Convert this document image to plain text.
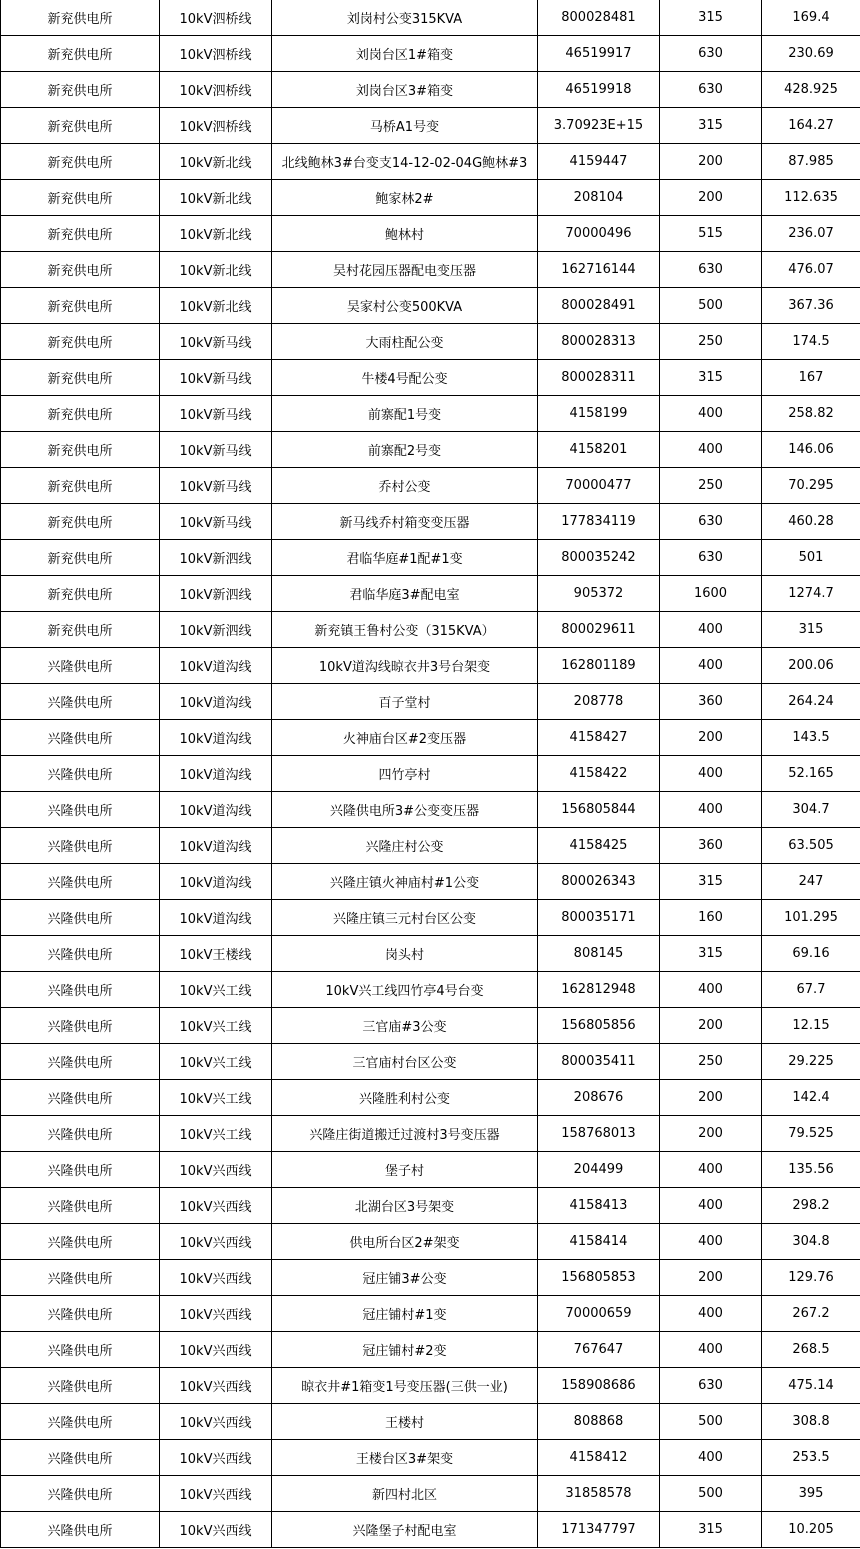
新兖供电所	10kV泗桥线	刘岗村公变315KVA	800028481	315	169.4
新兖供电所	10kV泗桥线	刘岗台区1#箱变	46519917	630	230.69
新兖供电所	10kV泗桥线	刘岗台区3#箱变	46519918	630	428.925
新兖供电所	10kV泗桥线	马桥A1号变	3.70923E+15	315	164.27
新兖供电所	10kV新北线	北线鲍林3#台变支14-12-02-04G鲍林#3	4159447	200	87.985
新兖供电所	10kV新北线	鲍家林2#	208104	200	112.635
新兖供电所	10kV新北线	鲍林村	70000496	515	236.07
新兖供电所	10kV新北线	吴村花园压器配电变压器	162716144	630	476.07
新兖供电所	10kV新北线	吴家村公变500KVA	800028491	500	367.36
新兖供电所	10kV新马线	大雨柱配公变	800028313	250	174.5
新兖供电所	10kV新马线	牛楼4号配公变	800028311	315	167
新兖供电所	10kV新马线	前寨配1号变	4158199	400	258.82
新兖供电所	10kV新马线	前寨配2号变	4158201	400	146.06
新兖供电所	10kV新马线	乔村公变	70000477	250	70.295
新兖供电所	10kV新马线	新马线乔村箱变变压器	177834119	630	460.28
新兖供电所	10kV新泗线	君临华庭#1配#1变	800035242	630	501
新兖供电所	10kV新泗线	君临华庭3#配电室	905372	1600	1274.7
新兖供电所	10kV新泗线	新兖镇王鲁村公变（315KVA）	800029611	400	315
兴隆供电所	10kV道沟线	10kV道沟线晾衣井3号台架变	162801189	400	200.06
兴隆供电所	10kV道沟线	百子堂村	208778	360	264.24
兴隆供电所	10kV道沟线	火神庙台区#2变压器	4158427	200	143.5
兴隆供电所	10kV道沟线	四竹亭村	4158422	400	52.165
兴隆供电所	10kV道沟线	兴隆供电所3#公变变压器	156805844	400	304.7
兴隆供电所	10kV道沟线	兴隆庄村公变	4158425	360	63.505
兴隆供电所	10kV道沟线	兴隆庄镇火神庙村#1公变	800026343	315	247
兴隆供电所	10kV道沟线	兴隆庄镇三元村台区公变	800035171	160	101.295
兴隆供电所	10kV王楼线	岗头村	808145	315	69.16
兴隆供电所	10kV兴工线	10kV兴工线四竹亭4号台变	162812948	400	67.7
兴隆供电所	10kV兴工线	三官庙#3公变	156805856	200	12.15
兴隆供电所	10kV兴工线	三官庙村台区公变	800035411	250	29.225
兴隆供电所	10kV兴工线	兴隆胜利村公变	208676	200	142.4
兴隆供电所	10kV兴工线	兴隆庄街道搬迁过渡村3号变压器	158768013	200	79.525
兴隆供电所	10kV兴西线	堡子村	204499	400	135.56
兴隆供电所	10kV兴西线	北湖台区3号架变	4158413	400	298.2
兴隆供电所	10kV兴西线	供电所台区2#架变	4158414	400	304.8
兴隆供电所	10kV兴西线	冠庄铺3#公变	156805853	200	129.76
兴隆供电所	10kV兴西线	冠庄铺村#1变	70000659	400	267.2
兴隆供电所	10kV兴西线	冠庄铺村#2变	767647	400	268.5
兴隆供电所	10kV兴西线	晾衣井#1箱变1号变压器(三供一业)	158908686	630	475.14
兴隆供电所	10kV兴西线	王楼村	808868	500	308.8
兴隆供电所	10kV兴西线	王楼台区3#架变	4158412	400	253.5
兴隆供电所	10kV兴西线	新四村北区	31858578	500	395
兴隆供电所	10kV兴西线	兴隆堡子村配电室	171347797	315	10.205
